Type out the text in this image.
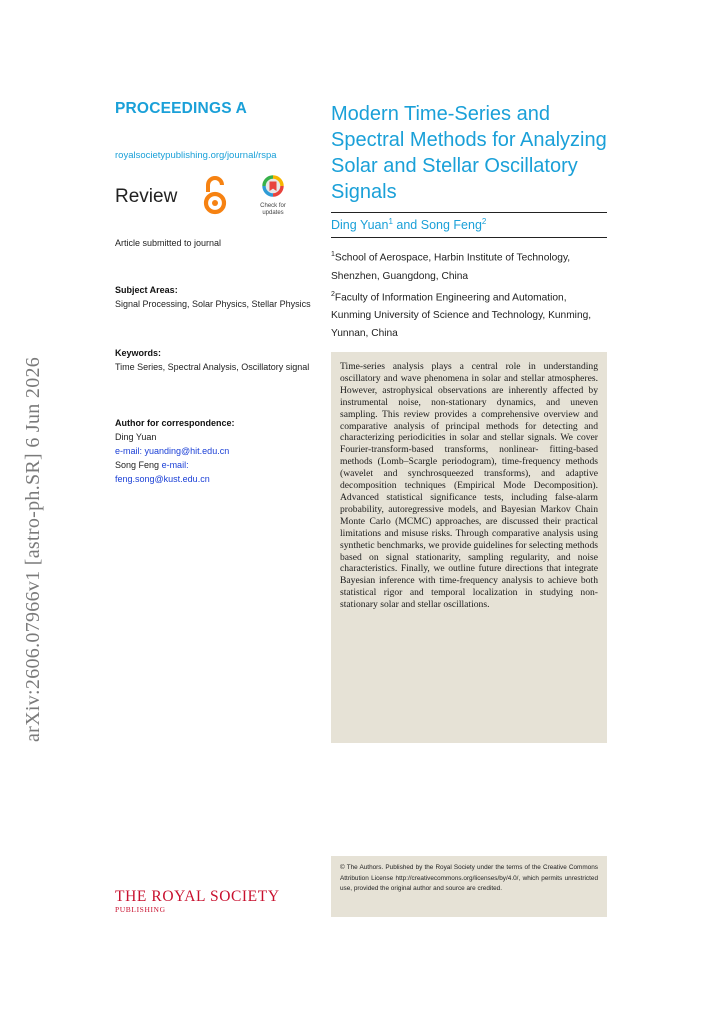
arXiv:2606.07966v1 [astro-ph.SR] 6 Jun 2026

PROCEEDINGS A

royalsocietypublishing.org/journal/rspa
Review	Check for updates
Article submitted to journal
Subject Areas:
Signal Processing, Solar Physics, Stellar Physics
Keywords:
Time Series, Spectral Analysis, Oscillatory signal
Author for correspondence:
Ding Yuan
e-mail: yuanding@hit.edu.cn
Song Feng e-mail:
feng.song@kust.edu.cn
Modern Time-Series and Spectral Methods for Analyzing Solar and Stellar Oscillatory Signals
Ding Yuan$^1$ and Song Feng$^2$
$^1$School of Aerospace, Harbin Institute of Technology, Shenzhen, Guangdong, China
$^2$Faculty of Information Engineering and Automation, Kunming University of Science and Technology, Kunming, Yunnan, China

Time-series analysis plays a central role in understanding oscillatory and wave phenomena in solar and stellar atmospheres. However, astrophysical observations are inherently affected by instrumental noise, non-stationary dynamics, and uneven sampling. This review provides a comprehensive overview and comparative analysis of principal methods for detecting and characterizing periodicities in solar and stellar signals. We cover Fourier-transform-based transforms, nonlinear- fitting-based methods (Lomb–Scargle periodogram), time-frequency methods (wavelet and synchrosqueezed transforms), and adaptive decomposition techniques (Empirical Mode Decomposition). Advanced statistical significance tests, including false-alarm probability, autoregressive models, and Bayesian Markov Chain Monte Carlo (MCMC) approaches, are discussed their practical limitations and misuse risks. Through comparative analysis using synthetic benchmarks, we provide guidelines for selecting methods based on signal stationarity, sampling regularity, and noise characteristics. Finally, we outline future directions that integrate Bayesian inference with time-frequency analysis to achieve both statistical rigor and temporal localization in studying non-stationary solar and stellar oscillations.

© The Authors. Published by the Royal Society under the terms of the Creative Commons Attribution License http://creativecommons.org/licenses/by/4.0/, which permits unrestricted use, provided the original author and source are credited.

THE ROYAL SOCIETY
PUBLISHING
